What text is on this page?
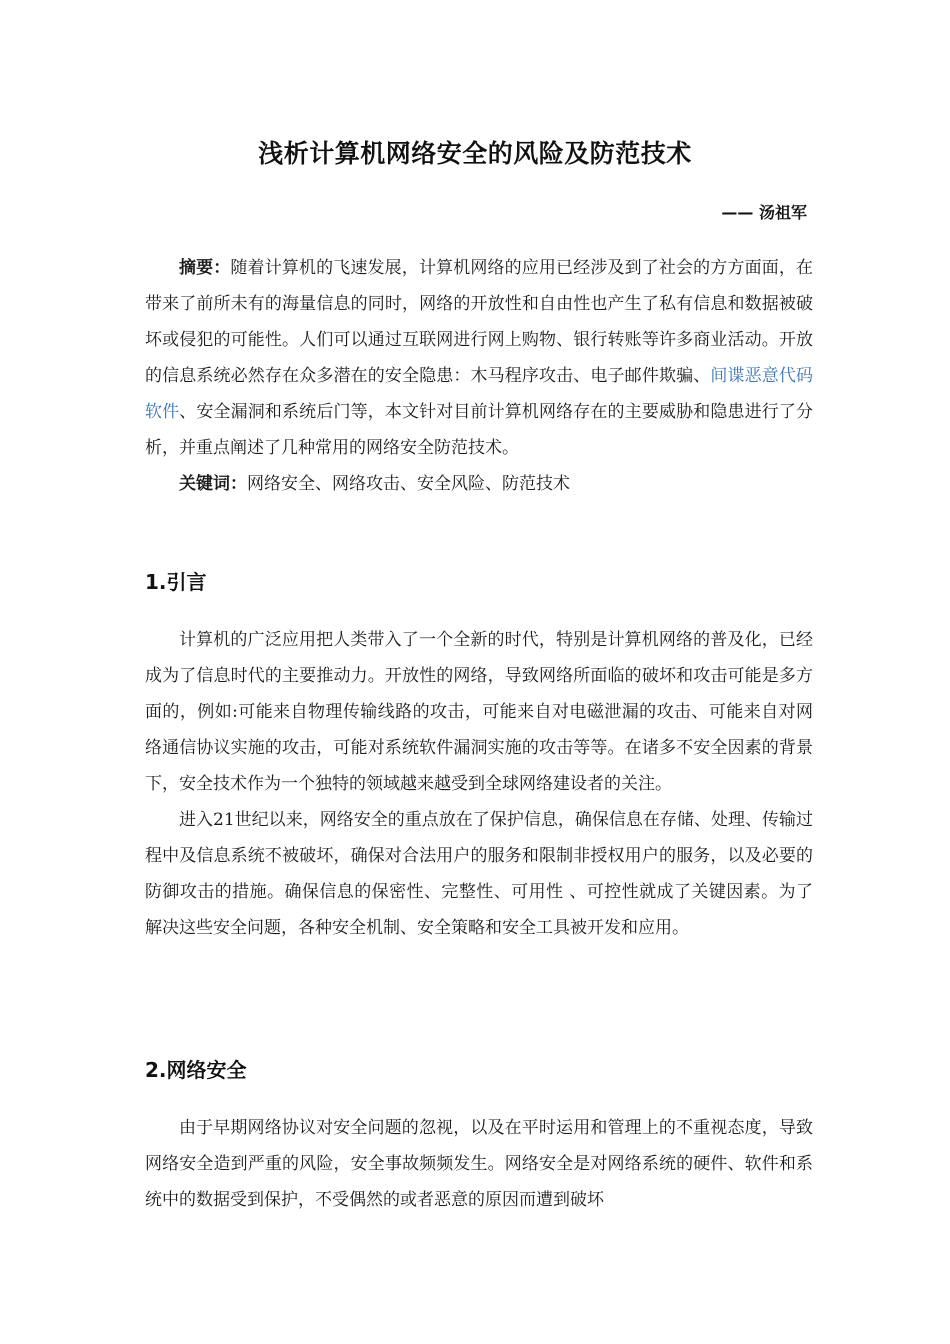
浅析计算机网络安全的风险及防范技术
—— 汤祖军

摘要：随着计算机的飞速发展，计算机网络的应用已经涉及到了社会的方方面面，在带来了前所未有的海量信息的同时，网络的开放性和自由性也产生了私有信息和数据被破坏或侵犯的可能性。人们可以通过互联网进行网上购物、银行转账等许多商业活动。开放的信息系统必然存在众多潜在的安全隐患：木马程序攻击、电子邮件欺骗、间谍恶意代码软件、安全漏洞和系统后门等，本文针对目前计算机网络存在的主要威胁和隐患进行了分析，并重点阐述了几种常用的网络安全防范技术。

关键词：网络安全、网络攻击、安全风险、防范技术

1.引言

计算机的广泛应用把人类带入了一个全新的时代，特别是计算机网络的普及化，已经成为了信息时代的主要推动力。开放性的网络，导致网络所面临的破坏和攻击可能是多方面的，例如:可能来自物理传输线路的攻击，可能来自对电磁泄漏的攻击、可能来自对网络通信协议实施的攻击，可能对系统软件漏洞实施的攻击等等。在诸多不安全因素的背景下，安全技术作为一个独特的领域越来越受到全球网络建设者的关注。

进入21世纪以来，网络安全的重点放在了保护信息，确保信息在存储、处理、传输过程中及信息系统不被破坏，确保对合法用户的服务和限制非授权用户的服务，以及必要的防御攻击的措施。确保信息的保密性、完整性、可用性 、可控性就成了关键因素。为了解决这些安全问题，各种安全机制、安全策略和安全工具被开发和应用。

2.网络安全

由于早期网络协议对安全问题的忽视，以及在平时运用和管理上的不重视态度，导致网络安全造到严重的风险，安全事故频频发生。网络安全是对网络系统的硬件、软件和系统中的数据受到保护，不受偶然的或者恶意的原因而遭到破坏
